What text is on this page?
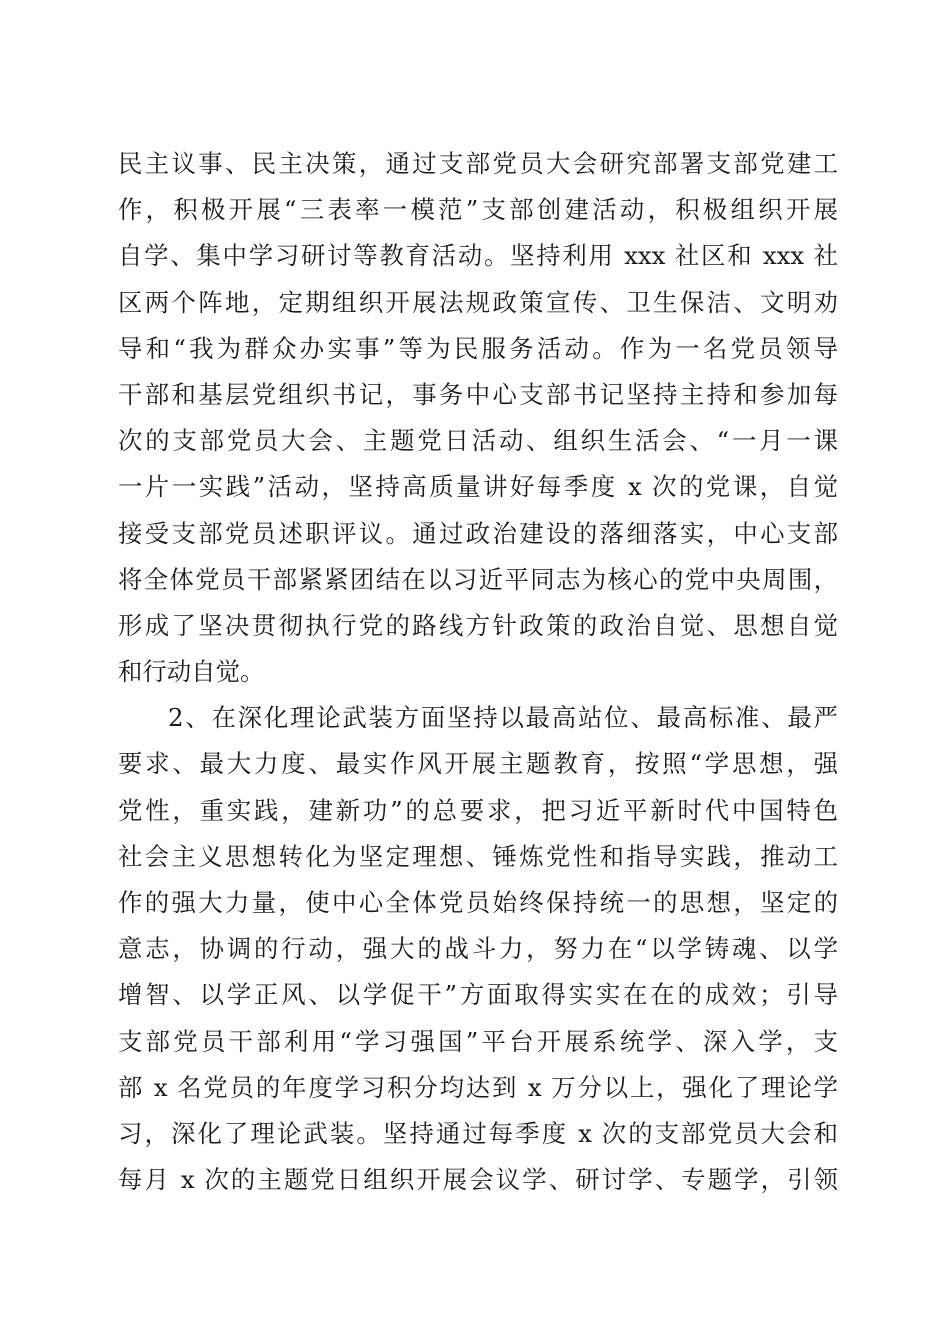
民主议事、民主决策，通过支部党员大会研究部署支部党建工
作，积极开展“三表率一模范”支部创建活动，积极组织开展
自学、集中学习研讨等教育活动。坚持利用 xxx 社区和 xxx 社
区两个阵地，定期组织开展法规政策宣传、卫生保洁、文明劝
导和“我为群众办实事”等为民服务活动。作为一名党员领导
干部和基层党组织书记，事务中心支部书记坚持主持和参加每
次的支部党员大会、主题党日活动、组织生活会、“一月一课
一片一实践”活动，坚持高质量讲好每季度 x 次的党课，自觉
接受支部党员述职评议。通过政治建设的落细落实，中心支部
将全体党员干部紧紧团结在以习近平同志为核心的党中央周围，
形成了坚决贯彻执行党的路线方针政策的政治自觉、思想自觉
和行动自觉。
2、在深化理论武装方面坚持以最高站位、最高标准、最严
要求、最大力度、最实作风开展主题教育，按照“学思想，强
党性，重实践，建新功”的总要求，把习近平新时代中国特色
社会主义思想转化为坚定理想、锤炼党性和指导实践，推动工
作的强大力量，使中心全体党员始终保持统一的思想，坚定的
意志，协调的行动，强大的战斗力，努力在“以学铸魂、以学
增智、以学正风、以学促干”方面取得实实在在的成效；引导
支部党员干部利用“学习强国”平台开展系统学、深入学，支
部 x 名党员的年度学习积分均达到 x 万分以上，强化了理论学
习，深化了理论武装。坚持通过每季度 x 次的支部党员大会和
每月 x 次的主题党日组织开展会议学、研讨学、专题学，引领
